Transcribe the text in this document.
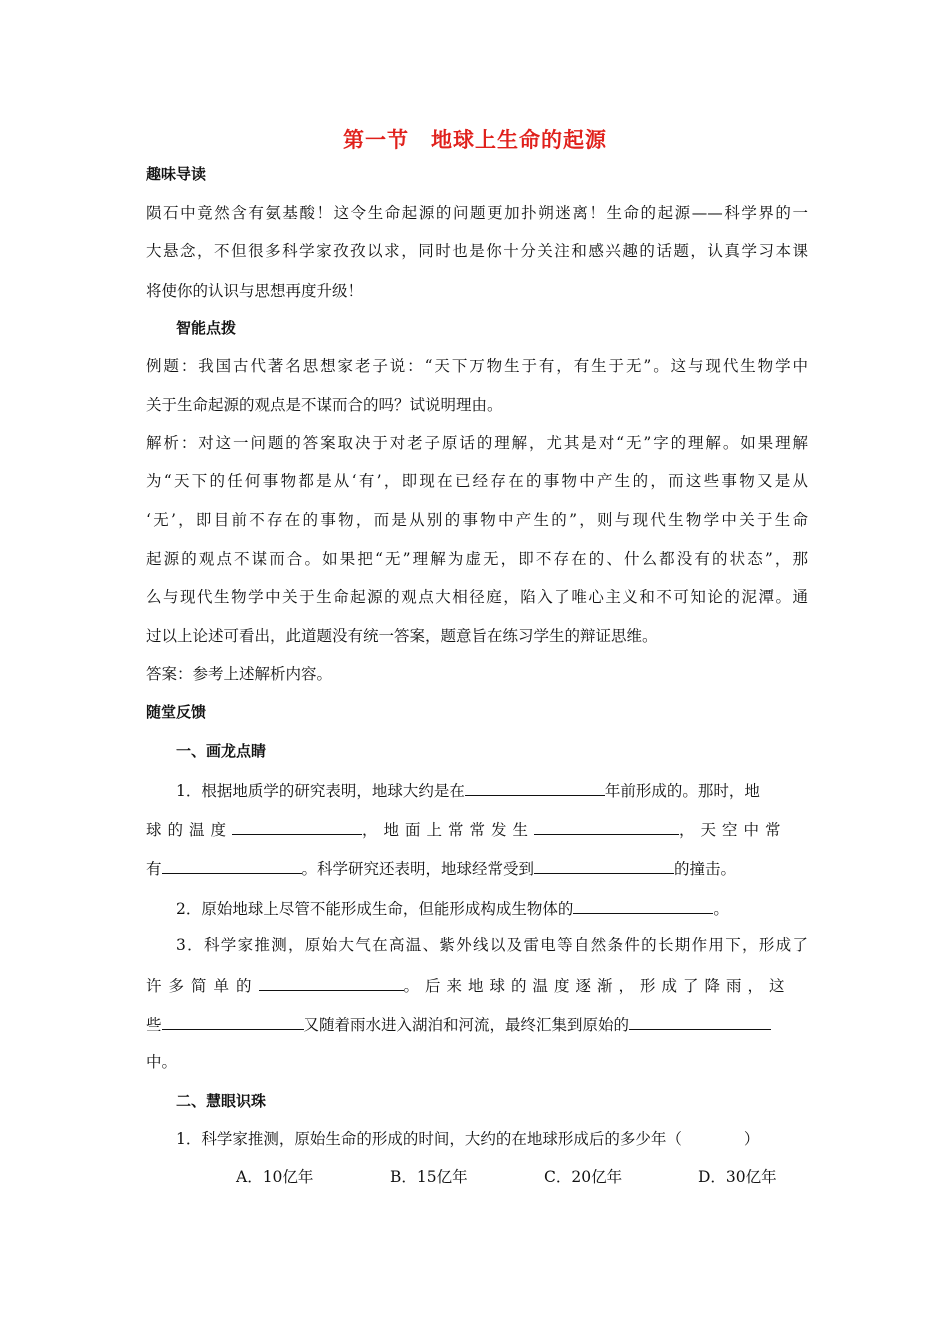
第一节　地球上生命的起源
趣味导读
陨石中竟然含有氨基酸！这令生命起源的问题更加扑朔迷离！生命的起源——科学界的一
大悬念，不但很多科学家孜孜以求，同时也是你十分关注和感兴趣的话题，认真学习本课
将使你的认识与思想再度升级！
智能点拨
例题：我国古代著名思想家老子说：“天下万物生于有，有生于无”。这与现代生物学中
关于生命起源的观点是不谋而合的吗？试说明理由。
解析：对这一问题的答案取决于对老子原话的理解，尤其是对“无”字的理解。如果理解
为“天下的任何事物都是从‘有’，即现在已经存在的事物中产生的，而这些事物又是从
‘无’，即目前不存在的事物，而是从别的事物中产生的”，则与现代生物学中关于生命
起源的观点不谋而合。如果把“无”理解为虚无，即不存在的、什么都没有的状态”，那
么与现代生物学中关于生命起源的观点大相径庭，陷入了唯心主义和不可知论的泥潭。通
过以上论述可看出，此道题没有统一答案，题意旨在练习学生的辩证思维。
答案：参考上述解析内容。
随堂反馈
一、画龙点睛
1．根据地质学的研究表明，地球大约是在	年前形成的。那时，地
球的温度	，地面上常常发生	，天空中常
有	。科学研究还表明，地球经常受到	的撞击。
2．原始地球上尽管不能形成生命，但能形成构成生物体的	。
3．科学家推测，原始大气在高温、紫外线以及雷电等自然条件的长期作用下，形成了
许多简单的	。后来地球的温度逐渐，形成了降雨，这
些	又随着雨水进入湖泊和河流，最终汇集到原始的
中。
二、慧眼识珠
1．科学家推测，原始生命的形成的时间，大约的在地球形成后的多少年（　　　　）
A．10亿年	B．15亿年	C．20亿年	D．30亿年
